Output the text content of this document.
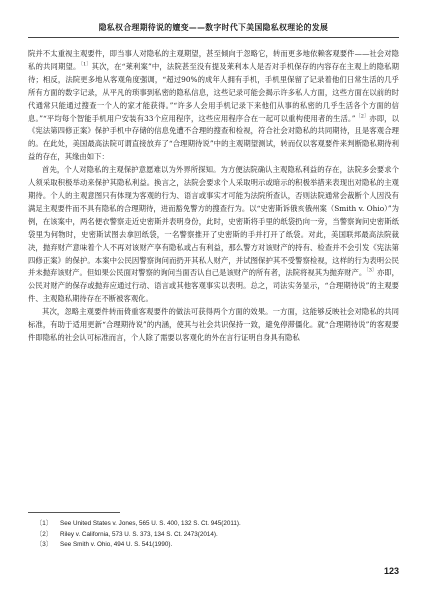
隐私权合理期待说的嬗变——数字时代下美国隐私权理论的发展

院并不太重视主观要件，即当事人对隐私的主观期望，甚至倾向于忽略它，转而更多地依赖客观要件——社会对隐私的共同期望。$^{〔1〕}$其次，在“莱利案”中，法院甚至没有提及莱利本人是否对手机保存的内容存在主观上的隐私期待；相反，法院更多地从客观角度强调，“超过90%的成年人拥有手机，手机里保留了记录着他们日常生活的几乎所有方面的数字记录，从平凡的琐事到私密的隐私信息，这些记录可能会揭示许多私人方面，这些方面在以前的时代通常只能通过搜查一个人的家才能获得。”“许多人会用手机记录下来他们从事的私密的几乎生活各个方面的信息。”“平均每个智能手机用户安装有33个应用程序，这些应用程序合在一起可以重构使用者的生活。”$^{〔2〕}$亦即，以《宪法第四修正案》保护手机中存储的信息免遭不合理的搜查和检视，符合社会对隐私的共同期待，且是客观合理的。在此处，美国最高法院可谓直接放弃了“合理期待说”中的主观期望测试，转而仅以客观要件来判断隐私期待利益的存在，其缘由如下：

首先，个人对隐私的主观保护意愿难以为外界所探知。为方便法院确认主观隐私利益的存在，法院多会要求个人须采取积极举动来保护其隐私利益。换言之，法院会要求个人采取明示或暗示的积极举措来表现出对隐私的主观期待。个人的主观意图只有体现为客观的行为、语言或事实才可能为法院所查认，否则法院通常会裁断个人因没有满足主观要件而不具有隐私的合理期待，进而豁免警方的搜查行为。以“史密斯诉俄亥俄州案（Smith v. Ohio）”为例，在该案中，两名便衣警察走近史密斯并表明身份，此时，史密斯将手里的纸袋扔向一旁，当警察询问史密斯纸袋里为何物时，史密斯试图去拿回纸袋，一名警察推开了史密斯的手并打开了纸袋。对此，美国联邦最高法院裁决，抛弃财产意味着个人不再对该财产享有隐私或占有利益，那么警方对该财产的持有、检查并不会引发《宪法第四修正案》的保护。本案中公民因警察询问而扔开其私人财产，并试图保护其不受警察检视，这样的行为表明公民并未抛弃该财产。但如果公民面对警察的询问当面否认自己是该财产的所有者，法院将视其为抛弃财产。$^{〔3〕}$亦即，公民对财产的保存或抛弃应通过行动、语言或其他客观事实以表明。总之，司法实务显示，“合理期待说”的主观要件、主观隐私期待存在不断被客观化。

其次，忽略主观要件转而倚重客观要件的做法可获得两个方面的效果。一方面，这能够反映社会对隐私的共同标准，有助于适用更新“合理期待说”的内涵，使其与社会共识保持一致，避免停滞僵化。就“合理期待说”的客观要件即隐私的社会认可标准而言，个人除了需要以客观化的外在言行证明自身具有隐私

〔1〕 See United States v. Jones, 565 U. S. 400, 132 S. Ct. 945(2011).
〔2〕 Riley v. California, 573 U. S. 373, 134 S. Ct. 2473(2014).
〔3〕 See Smith v. Ohio, 494 U. S. 541(1990).
123
